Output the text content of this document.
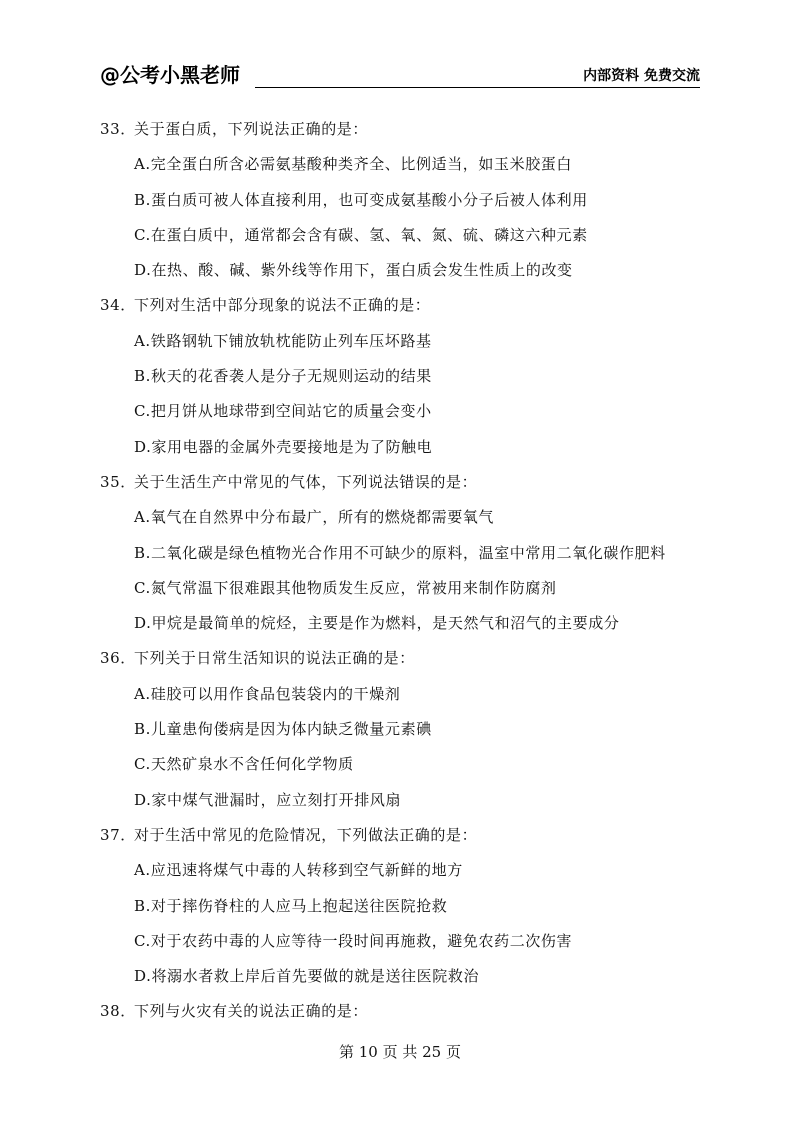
@公考小黑老师	内部资料 免费交流
33．关于蛋白质，下列说法正确的是：
A.完全蛋白所含必需氨基酸种类齐全、比例适当，如玉米胶蛋白
B.蛋白质可被人体直接利用，也可变成氨基酸小分子后被人体利用
C.在蛋白质中，通常都会含有碳、氢、氧、氮、硫、磷这六种元素
D.在热、酸、碱、紫外线等作用下，蛋白质会发生性质上的改变
34．下列对生活中部分现象的说法不正确的是：
A.铁路钢轨下铺放轨枕能防止列车压坏路基
B.秋天的花香袭人是分子无规则运动的结果
C.把月饼从地球带到空间站它的质量会变小
D.家用电器的金属外壳要接地是为了防触电
35．关于生活生产中常见的气体，下列说法错误的是：
A.氧气在自然界中分布最广，所有的燃烧都需要氧气
B.二氧化碳是绿色植物光合作用不可缺少的原料，温室中常用二氧化碳作肥料
C.氮气常温下很难跟其他物质发生反应，常被用来制作防腐剂
D.甲烷是最简单的烷烃，主要是作为燃料，是天然气和沼气的主要成分
36．下列关于日常生活知识的说法正确的是：
A.硅胶可以用作食品包装袋内的干燥剂
B.儿童患佝偻病是因为体内缺乏微量元素碘
C.天然矿泉水不含任何化学物质
D.家中煤气泄漏时，应立刻打开排风扇
37．对于生活中常见的危险情况，下列做法正确的是：
A.应迅速将煤气中毒的人转移到空气新鲜的地方
B.对于摔伤脊柱的人应马上抱起送往医院抢救
C.对于农药中毒的人应等待一段时间再施救，避免农药二次伤害
D.将溺水者救上岸后首先要做的就是送往医院救治
38．下列与火灾有关的说法正确的是：
第 10 页 共 25 页
